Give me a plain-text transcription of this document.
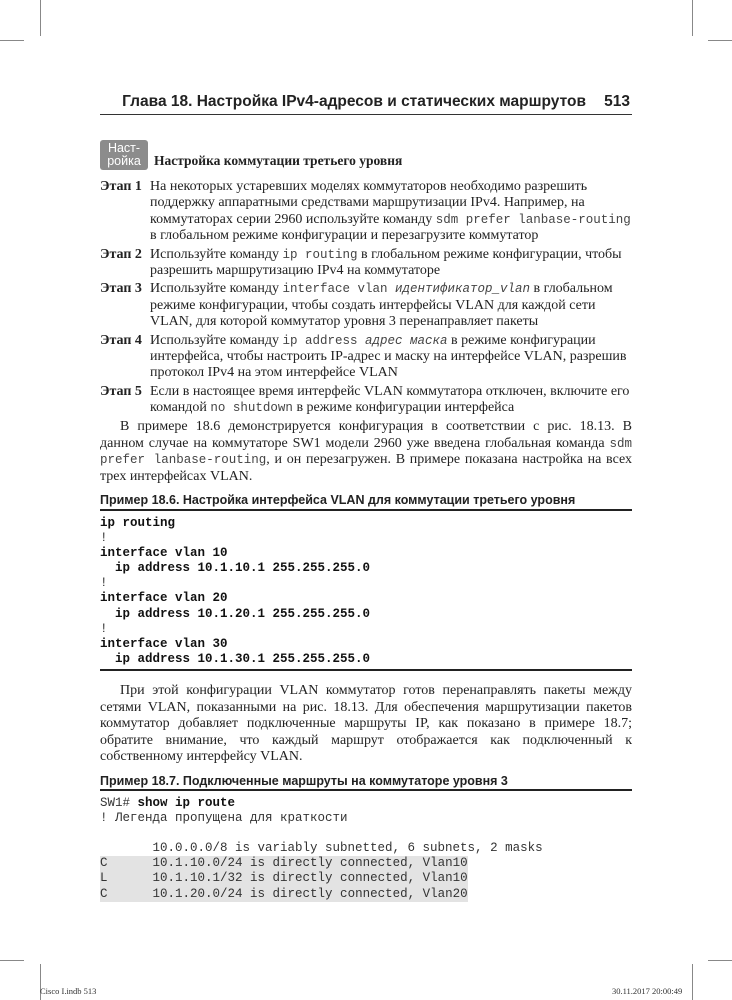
Глава 18. Настройка IPv4-адресов и статических маршрутов 513
Наст-
ройка Настройка коммутации третьего уровня
Этап 1 На некоторых устаревших моделях коммутаторов необходимо разрешить поддержку аппаратными средствами маршрутизации IPv4. Например, на коммутаторах серии 2960 используйте команду sdm prefer lanbase-routing в глобальном режиме конфигурации и перезагрузите коммутатор
Этап 2 Используйте команду ip routing в глобальном режиме конфигурации, чтобы разрешить маршрутизацию IPv4 на коммутаторе
Этап 3 Используйте команду interface vlan идентификатор_vlan в глобальном режиме конфигурации, чтобы создать интерфейсы VLAN для каждой сети VLAN, для которой коммутатор уровня 3 перенаправляет пакеты
Этап 4 Используйте команду ip address адрес маска в режиме конфигурации интерфейса, чтобы настроить IP-адрес и маску на интерфейсе VLAN, разрешив протокол IPv4 на этом интерфейсе VLAN
Этап 5 Если в настоящее время интерфейс VLAN коммутатора отключен, включите его командой no shutdown в режиме конфигурации интерфейса
В примере 18.6 демонстрируется конфигурация в соответствии с рис. 18.13. В данном случае на коммутаторе SW1 модели 2960 уже введена глобальная команда sdm prefer lanbase-routing, и он перезагружен. В примере показана настройка на всех трех интерфейсах VLAN.
Пример 18.6. Настройка интерфейса VLAN для коммутации третьего уровня
ip routing
!
interface vlan 10
ip address 10.1.10.1 255.255.255.0
!
interface vlan 20
ip address 10.1.20.1 255.255.255.0
!
interface vlan 30
ip address 10.1.30.1 255.255.255.0
При этой конфигурации VLAN коммутатор готов перенаправлять пакеты между сетями VLAN, показанными на рис. 18.13. Для обеспечения маршрутизации пакетов коммутатор добавляет подключенные маршруты IP, как показано в примере 18.7; обратите внимание, что каждый маршрут отображается как подключенный к собственному интерфейсу VLAN.
Пример 18.7. Подключенные маршруты на коммутаторе уровня 3
SW1# show ip route
! Легенда пропущена для краткости
10.0.0.0/8 is variably subnetted, 6 subnets, 2 masks
C	10.1.10.0/24 is directly connected, Vlan10
L	10.1.10.1/32 is directly connected, Vlan10
C	10.1.20.0/24 is directly connected, Vlan20
Cisco I.indb 513	30.11.2017 20:00:49
